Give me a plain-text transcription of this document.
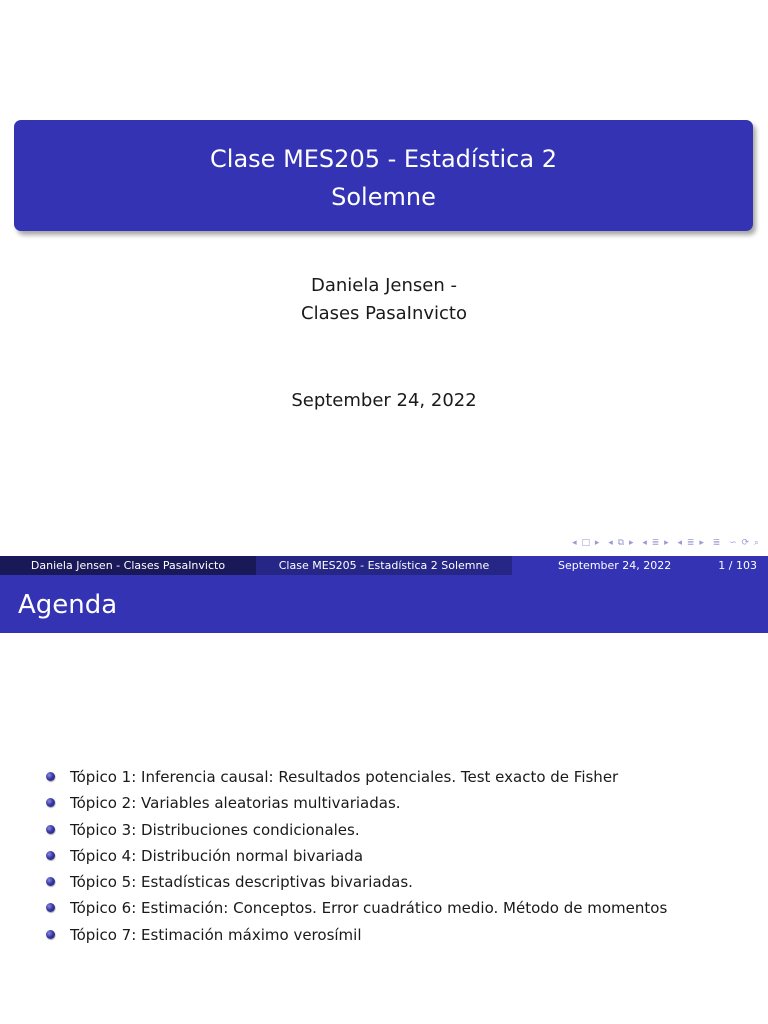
Clase MES205 - Estadística 2
Solemne
Daniela Jensen -
Clases PasaInvicto
September 24, 2022
◂ □ ▸ ◂ ⧉ ▸ ◂ ≣ ▸ ◂ ≣ ▸ ≣ ∽ ⟳ ⌕
Daniela Jensen - Clases PasaInvicto	Clase MES205 - Estadística 2 Solemne	September 24, 2022	1 / 103
Agenda
Tópico 1: Inferencia causal: Resultados potenciales. Test exacto de Fisher
Tópico 2: Variables aleatorias multivariadas.
Tópico 3: Distribuciones condicionales.
Tópico 4: Distribución normal bivariada
Tópico 5: Estadísticas descriptivas bivariadas.
Tópico 6: Estimación: Conceptos. Error cuadrático medio. Método de momentos
Tópico 7: Estimación máximo verosímil
